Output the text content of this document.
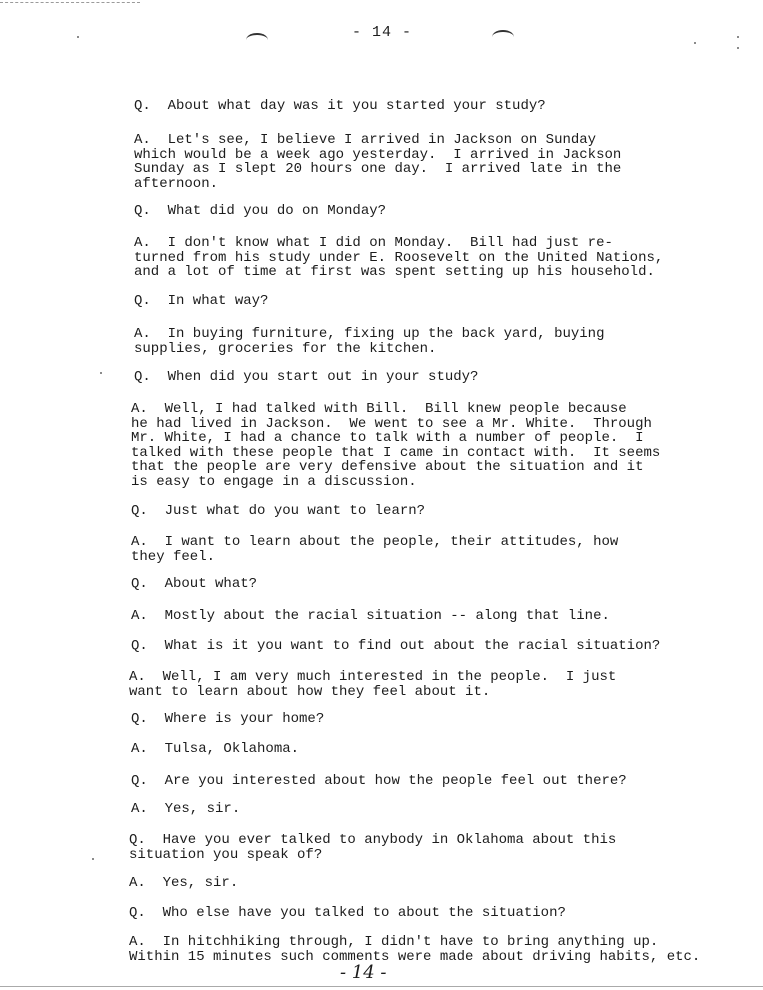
- 14 -
Q.  About what day was it you started your study?
A.  Let's see, I believe I arrived in Jackson on Sunday
which would be a week ago yesterday.  I arrived in Jackson
Sunday as I slept 20 hours one day.  I arrived late in the
afternoon.
Q.  What did you do on Monday?
A.  I don't know what I did on Monday.  Bill had just re-
turned from his study under E. Roosevelt on the United Nations,
and a lot of time at first was spent setting up his household.
Q.  In what way?
A.  In buying furniture, fixing up the back yard, buying
supplies, groceries for the kitchen.
Q.  When did you start out in your study?
A.  Well, I had talked with Bill.  Bill knew people because
he had lived in Jackson.  We went to see a Mr. White.  Through
Mr. White, I had a chance to talk with a number of people.  I
talked with these people that I came in contact with.  It seems
that the people are very defensive about the situation and it
is easy to engage in a discussion.
Q.  Just what do you want to learn?
A.  I want to learn about the people, their attitudes, how
they feel.
Q.  About what?
A.  Mostly about the racial situation -- along that line.
Q.  What is it you want to find out about the racial situation?
A.  Well, I am very much interested in the people.  I just
want to learn about how they feel about it.
Q.  Where is your home?
A.  Tulsa, Oklahoma.
Q.  Are you interested about how the people feel out there?
A.  Yes, sir.
Q.  Have you ever talked to anybody in Oklahoma about this
situation you speak of?
A.  Yes, sir.
Q.  Who else have you talked to about the situation?
A.  In hitchhiking through, I didn't have to bring anything up.
Within 15 minutes such comments were made about driving habits, etc.
- 14 -
